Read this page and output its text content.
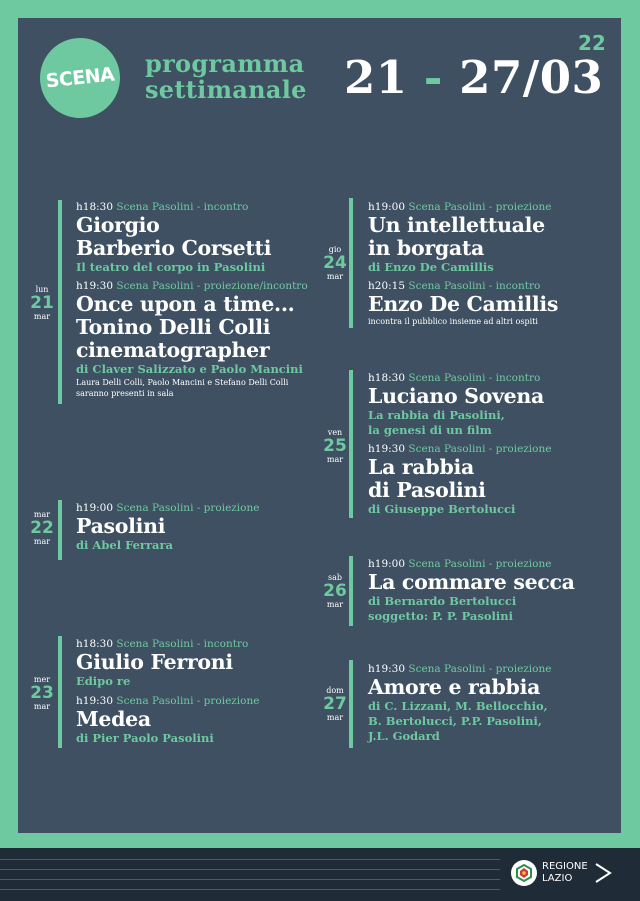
SCENA programma
settimanale 21 - 27/03
22
lun
21
mar
h18:30 Scena Pasolini - incontro
Giorgio
Barberio Corsetti
Il teatro del corpo in Pasolini
h19:30 Scena Pasolini - proiezione/incontro
Once upon a time...
Tonino Delli Colli
cinematographer
di Claver Salizzato e Paolo Mancini
Laura Delli Colli, Paolo Mancini e Stefano Delli Colli
saranno presenti in sala
mar
22
mar
h19:00 Scena Pasolini - proiezione
Pasolini
di Abel Ferrara
mer
23
mar
h18:30 Scena Pasolini - incontro
Giulio Ferroni
Edipo re
h19:30 Scena Pasolini - proiezione
Medea
di Pier Paolo Pasolini
gio
24
mar
h19:00 Scena Pasolini - proiezione
Un intellettuale
in borgata
di Enzo De Camillis
h20:15 Scena Pasolini - incontro
Enzo De Camillis
incontra il pubblico insieme ad altri ospiti
ven
25
mar
h18:30 Scena Pasolini - incontro
Luciano Sovena
La rabbia di Pasolini,
la genesi di un film
h19:30 Scena Pasolini - proiezione
La rabbia
di Pasolini
di Giuseppe Bertolucci
sab
26
mar
h19:00 Scena Pasolini - proiezione
La commare secca
di Bernardo Bertolucci
soggetto: P. P. Pasolini
dom
27
mar
h19:30 Scena Pasolini - proiezione
Amore e rabbia
di C. Lizzani, M. Bellocchio,
B. Bertolucci, P.P. Pasolini,
J.L. Godard
REGIONE
LAZIO
